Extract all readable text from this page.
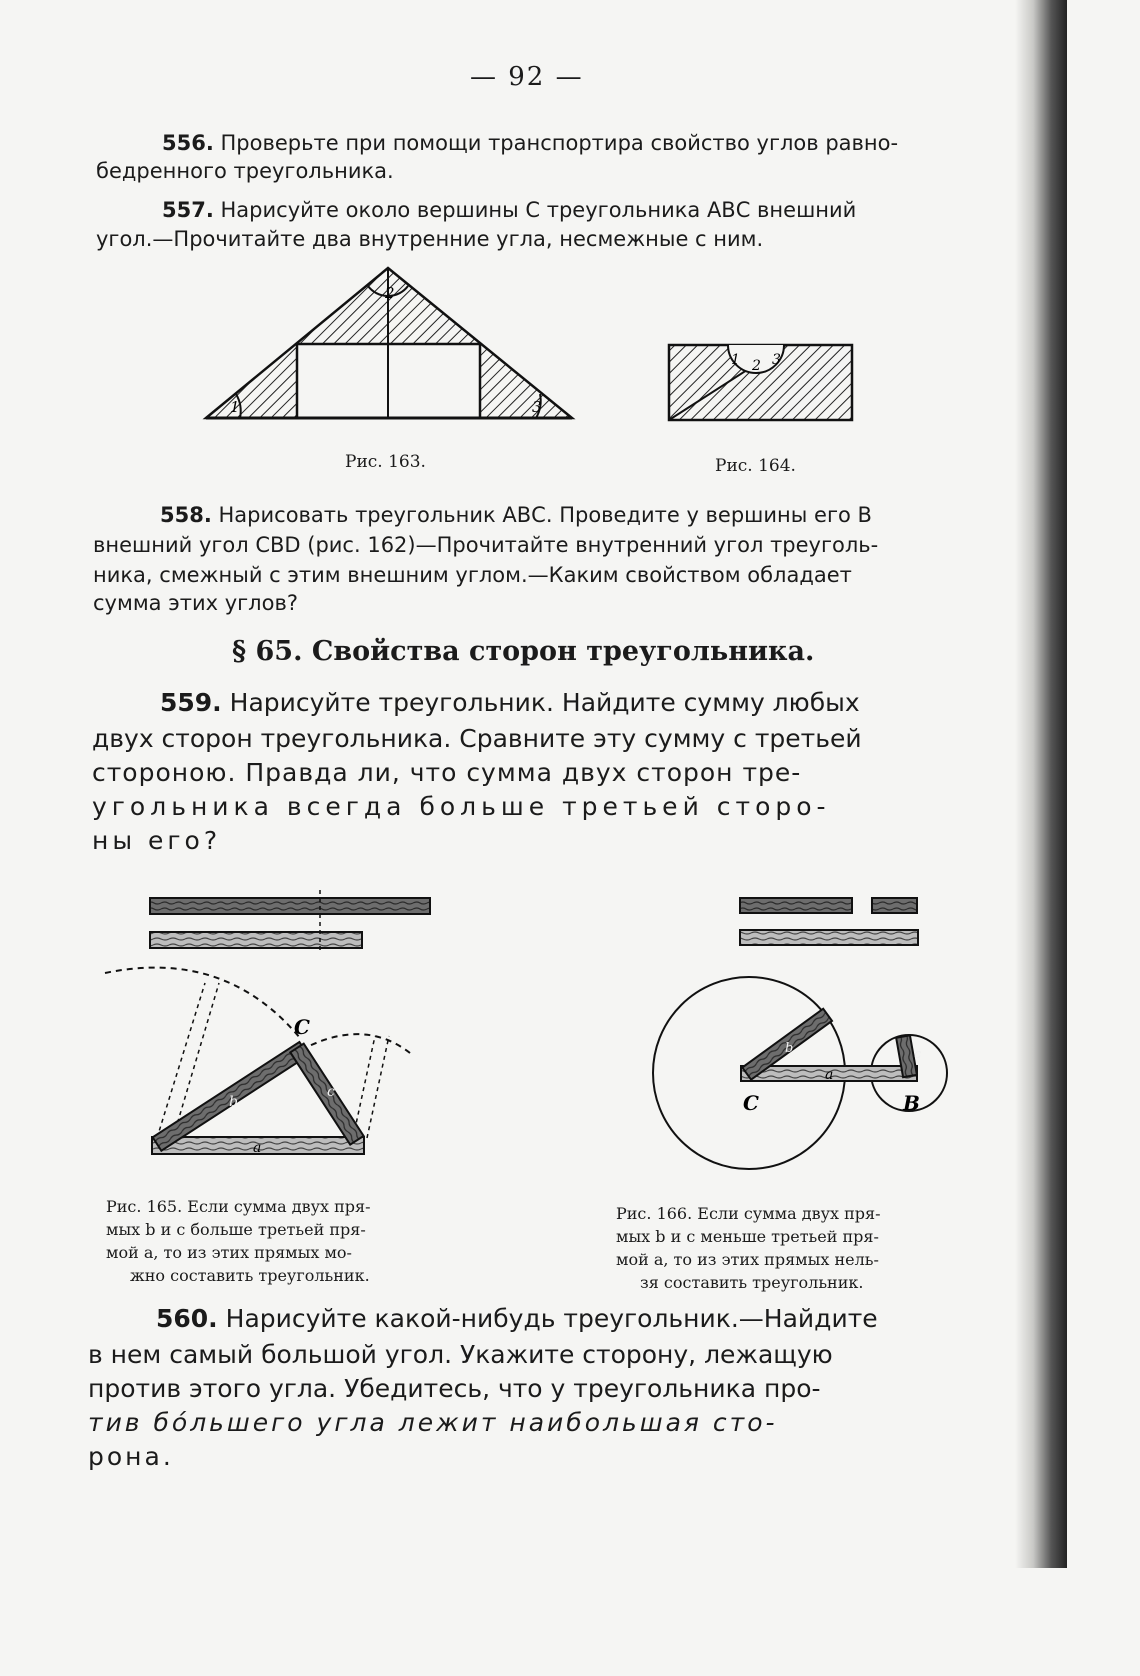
— 92 —
556. Проверьте при помощи транспортира свойство углов равно-
бедренного треугольника.
557. Нарисуйте около вершины С треугольника АВС внешний
угол.—Прочитайте два внутренние угла, несмежные с ним.
2
1	3
1 2 3
Рис. 163.	Рис. 164.
558. Нарисовать треугольник АВС. Проведите у вершины его В
внешний угол CBD (рис. 162)—Прочитайте внутренний угол треуголь-
ника, смежный с этим внешним углом.—Каким свойством обладает
сумма этих углов?
§ 65. Свойства сторон треугольника.
559. Нарисуйте треугольник. Найдите сумму любых
двух сторон треугольника. Сравните эту сумму с третьей
стороною. Правда ли, что сумма двух сторон тре-
угольника всегда больше третьей сторо-
ны его?
C
a
b
c	C	B
a
b	c
Рис. 165. Если сумма двух пря-
мых b и c больше третьей пря-
мой a, то из этих прямых мо-
жно составить треугольник.
Рис. 166. Если сумма двух пря-
мых b и c меньше третьей пря-
мой a, то из этих прямых нель-
зя составить треугольник.
560. Нарисуйте какой-нибудь треугольник.—Найдите
в нем самый большой угол. Укажите сторону, лежащую
против этого угла. Убедитесь, что у треугольника про-
тив бóльшего угла лежит наибольшая сто-
рона.
